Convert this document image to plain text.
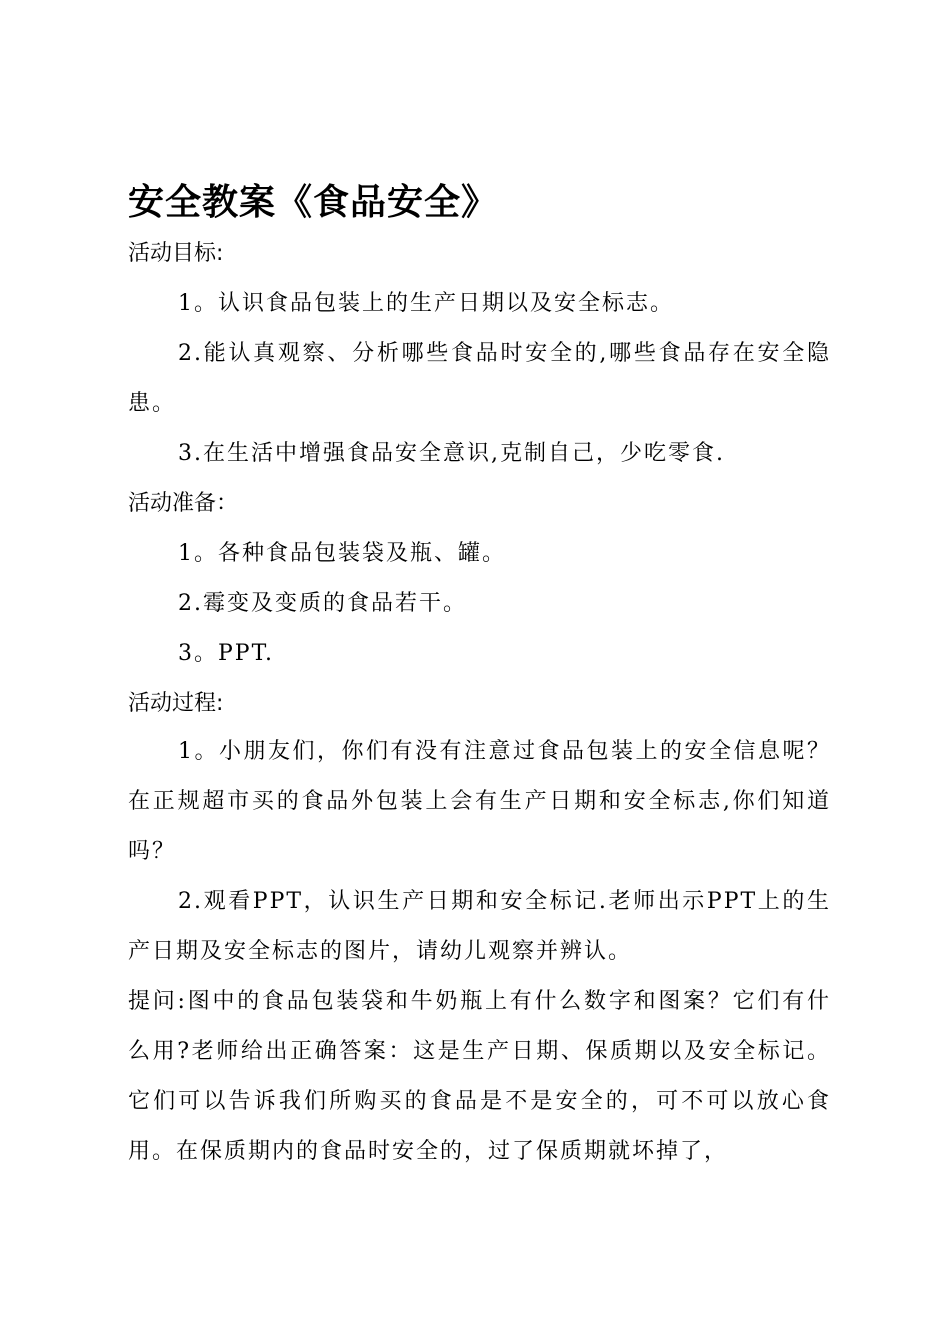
安全教案《食品安全》
活动目标:

1。认识食品包装上的生产日期以及安全标志。

2.能认真观察、分析哪些食品时安全的,哪些食品存在安全隐患。

3.在生活中增强食品安全意识,克制自己，少吃零食.

活动准备：

1。各种食品包装袋及瓶、罐。

2.霉变及变质的食品若干。

3。PPT.

活动过程:

1。小朋友们，你们有没有注意过食品包装上的安全信息呢？在正规超市买的食品外包装上会有生产日期和安全标志,你们知道吗？

2.观看PPT，认识生产日期和安全标记.老师出示PPT上的生产日期及安全标志的图片，请幼儿观察并辨认。

提问:图中的食品包装袋和牛奶瓶上有什么数字和图案？它们有什么用?老师给出正确答案：这是生产日期、保质期以及安全标记。它们可以告诉我们所购买的食品是不是安全的，可不可以放心食用。在保质期内的食品时安全的，过了保质期就坏掉了，
